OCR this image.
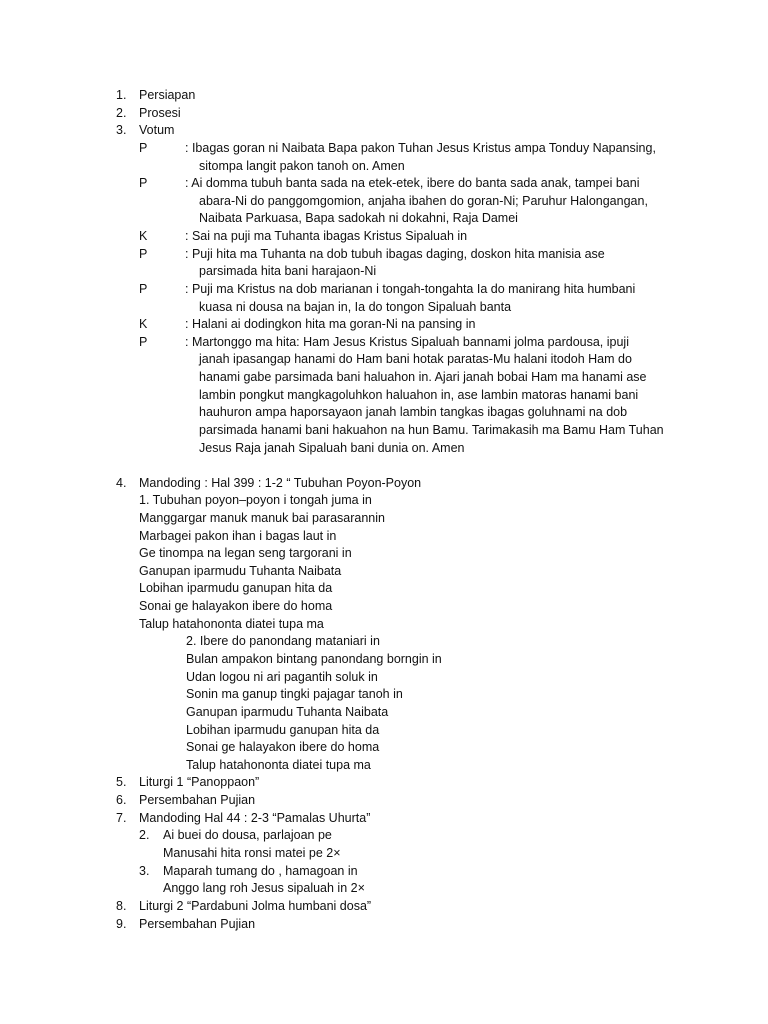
1.	Persiapan
2.	Prosesi
3.	Votum
P	: Ibagas goran ni Naibata Bapa pakon Tuhan Jesus Kristus ampa Tonduy Napansing,
sitompa langit pakon tanoh on. Amen
P	: Ai domma tubuh banta sada na etek-etek, ibere do banta sada anak, tampei bani
abara-Ni do panggomgomion, anjaha ibahen do goran-Ni; Paruhur Halongangan,
Naibata Parkuasa, Bapa sadokah ni dokahni, Raja Damei
K	: Sai na puji ma Tuhanta ibagas Kristus Sipaluah in
P	: Puji hita ma Tuhanta na dob tubuh ibagas daging, doskon hita manisia ase
parsimada hita bani harajaon-Ni
P	: Puji ma Kristus na dob marianan i tongah-tongahta Ia do manirang hita humbani
kuasa ni dousa na bajan in, Ia do tongon Sipaluah banta
K	: Halani ai dodingkon hita ma goran-Ni na pansing in
P	: Martonggo ma hita: Ham Jesus Kristus Sipaluah bannami jolma pardousa, ipuji
janah ipasangap hanami do Ham bani hotak paratas-Mu halani itodoh Ham do
hanami gabe parsimada bani haluahon in. Ajari janah bobai Ham ma hanami ase
lambin pongkut mangkagoluhkon haluahon in, ase lambin matoras hanami bani
hauhuron ampa haporsayaon janah lambin tangkas ibagas goluhnami na dob
parsimada hanami bani hakuahon na hun Bamu. Tarimakasih ma Bamu Ham Tuhan
Jesus Raja janah Sipaluah bani dunia on. Amen
4.	Mandoding : Hal 399 : 1-2 “ Tubuhan Poyon-Poyon
1. Tubuhan poyon–poyon i tongah juma in
Manggargar manuk manuk bai parasarannin
Marbagei pakon ihan i bagas laut in
Ge tinompa na legan seng targorani in
Ganupan iparmudu Tuhanta Naibata
Lobihan iparmudu ganupan hita da
Sonai ge halayakon ibere do homa
Talup hatahononta diatei tupa ma
2. Ibere do panondang mataniari in
Bulan ampakon bintang panondang borngin in
Udan logou ni ari pagantih soluk in
Sonin ma ganup tingki pajagar tanoh in
Ganupan iparmudu Tuhanta Naibata
Lobihan iparmudu ganupan hita da
Sonai ge halayakon ibere do homa
Talup hatahononta diatei tupa ma
5.	Liturgi 1 “Panoppaon”
6.	Persembahan Pujian
7.	Mandoding Hal 44 : 2-3 “Pamalas Uhurta”
2. Ai buei do dousa, parlajoan pe
Manusahi hita ronsi matei pe 2×
3. Maparah tumang do , hamagoan in
Anggo lang roh Jesus sipaluah in 2×
8.	Liturgi 2 “Pardabuni Jolma humbani dosa”
9.	Persembahan Pujian
